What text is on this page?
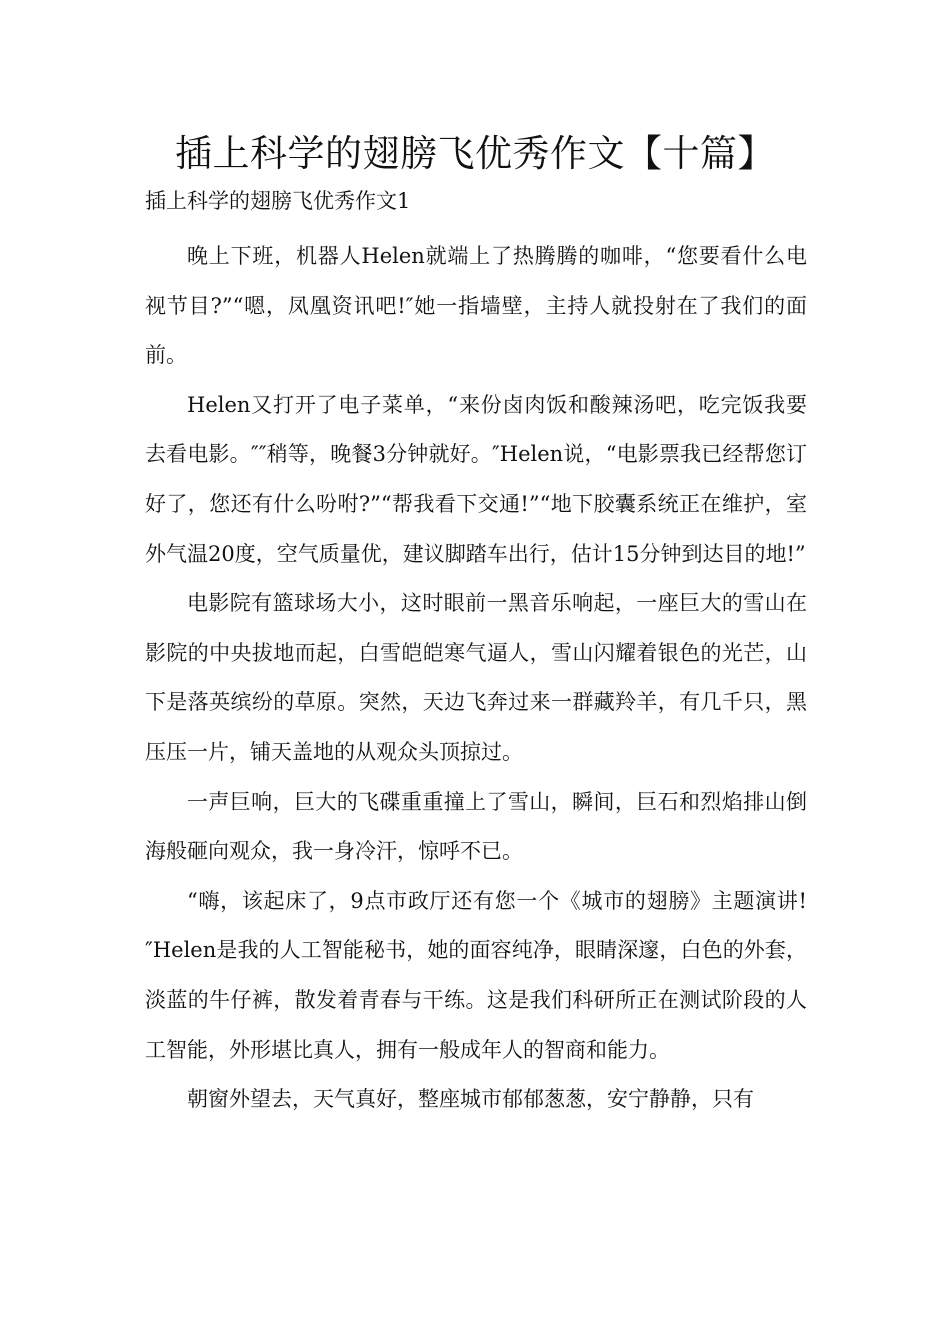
插上科学的翅膀飞优秀作文【十篇】

插上科学的翅膀飞优秀作文1

晚上下班，机器人Helen就端上了热腾腾的咖啡，“您要看什么电视节目?”“嗯，凤凰资讯吧!″她一指墙壁，主持人就投射在了我们的面前。

Helen又打开了电子菜单，“来份卤肉饭和酸辣汤吧，吃完饭我要去看电影。″″稍等，晚餐3分钟就好。″Helen说，“电影票我已经帮您订好了，您还有什么吩咐?”“帮我看下交通!”“地下胶囊系统正在维护，室外气温20度，空气质量优，建议脚踏车出行，估计15分钟到达目的地!”

电影院有篮球场大小，这时眼前一黑音乐响起，一座巨大的雪山在影院的中央拔地而起，白雪皑皑寒气逼人，雪山闪耀着银色的光芒，山下是落英缤纷的草原。突然，天边飞奔过来一群藏羚羊，有几千只，黑压压一片，铺天盖地的从观众头顶掠过。

一声巨响，巨大的飞碟重重撞上了雪山，瞬间，巨石和烈焰排山倒海般砸向观众，我一身冷汗，惊呼不已。

“嗨，该起床了，9点市政厅还有您一个《城市的翅膀》主题演讲!″Helen是我的人工智能秘书，她的面容纯净，眼睛深邃，白色的外套，淡蓝的牛仔裤，散发着青春与干练。这是我们科研所正在测试阶段的人工智能，外形堪比真人，拥有一般成年人的智商和能力。

朝窗外望去，天气真好，整座城市郁郁葱葱，安宁静静，只有
